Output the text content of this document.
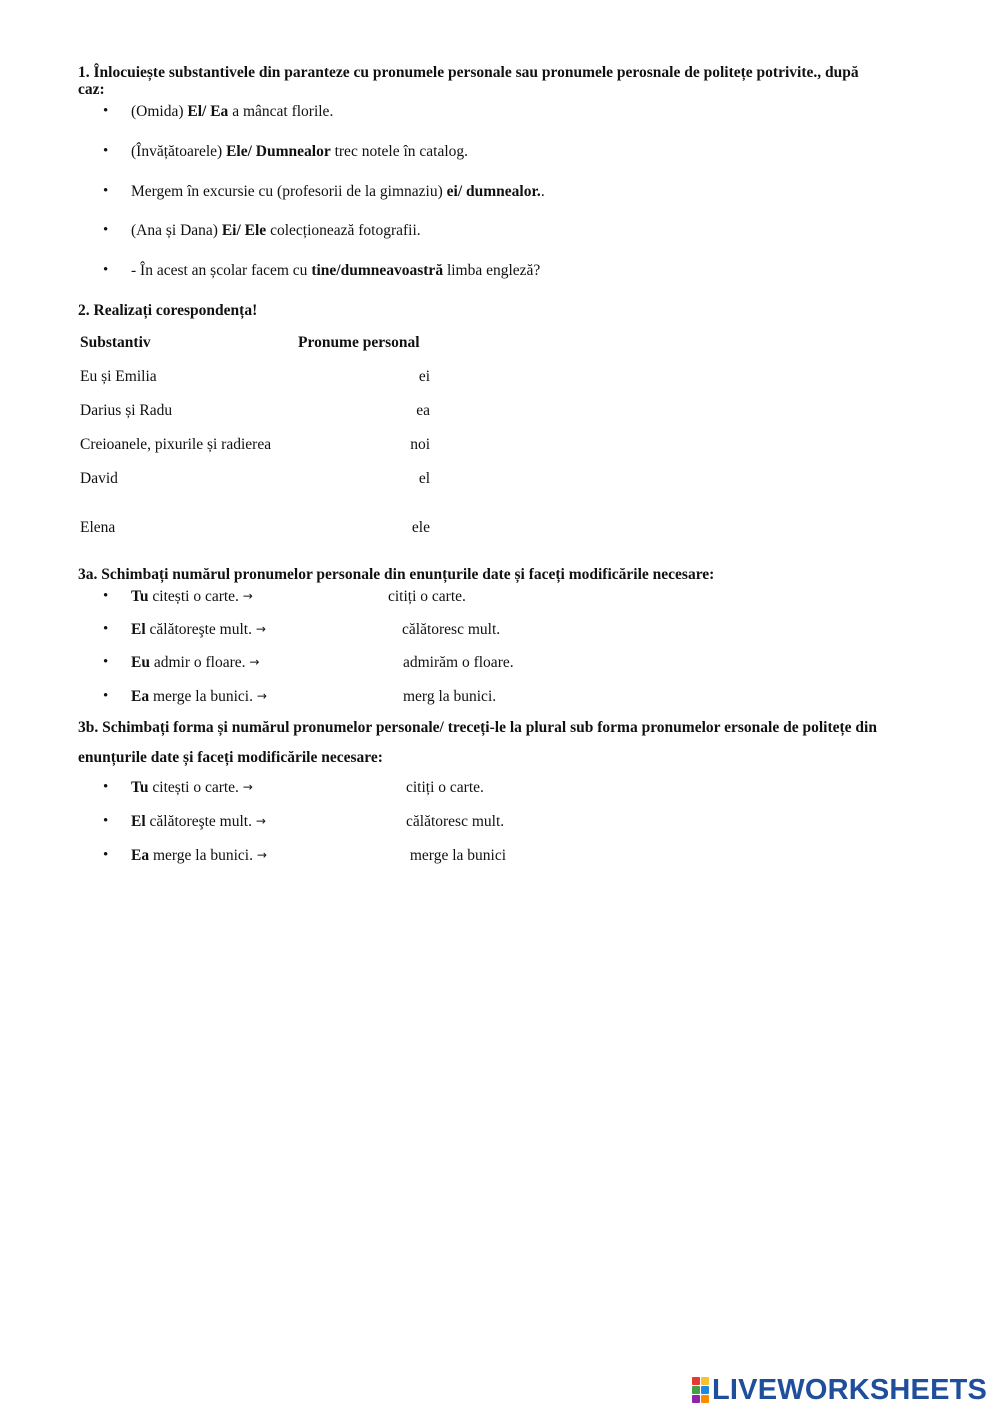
1. Înlocuiește substantivele din paranteze cu pronumele personale sau pronumele perosnale de politețe potrivite., după
caz:
• (Omida) El/ Ea a mâncat florile.
• (Învățătoarele) Ele/ Dumnealor trec notele în catalog.
• Mergem în excursie cu (profesorii de la gimnaziu) ei/ dumnealor..
• (Ana și Dana) Ei/ Ele colecționează fotografii.
• - În acest an școlar facem cu tine/dumneavoastră limba engleză?
2. Realizați corespondența!
Substantiv	Pronume personal
Eu și Emilia	ei
Darius și Radu	ea
Creioanele, pixurile și radierea	noi
David	el
Elena	ele
3a. Schimbați numărul pronumelor personale din enunțurile date și faceți modificările necesare:
• Tu citești o carte. →	citiți o carte.
• El călătoreşte mult. →	călătoresc mult.
• Eu admir o floare. →	admirăm o floare.
• Ea merge la bunici. →	merg la bunici.
3b. Schimbați forma și numărul pronumelor personale/ treceți-le la plural sub forma pronumelor ersonale de politețe din
enunțurile date și faceți modificările necesare:
• Tu citești o carte. →	citiți o carte.
• El călătoreşte mult. →	călătoresc mult.
• Ea merge la bunici. →	merge la bunici
LIVEWORKSHEETS
